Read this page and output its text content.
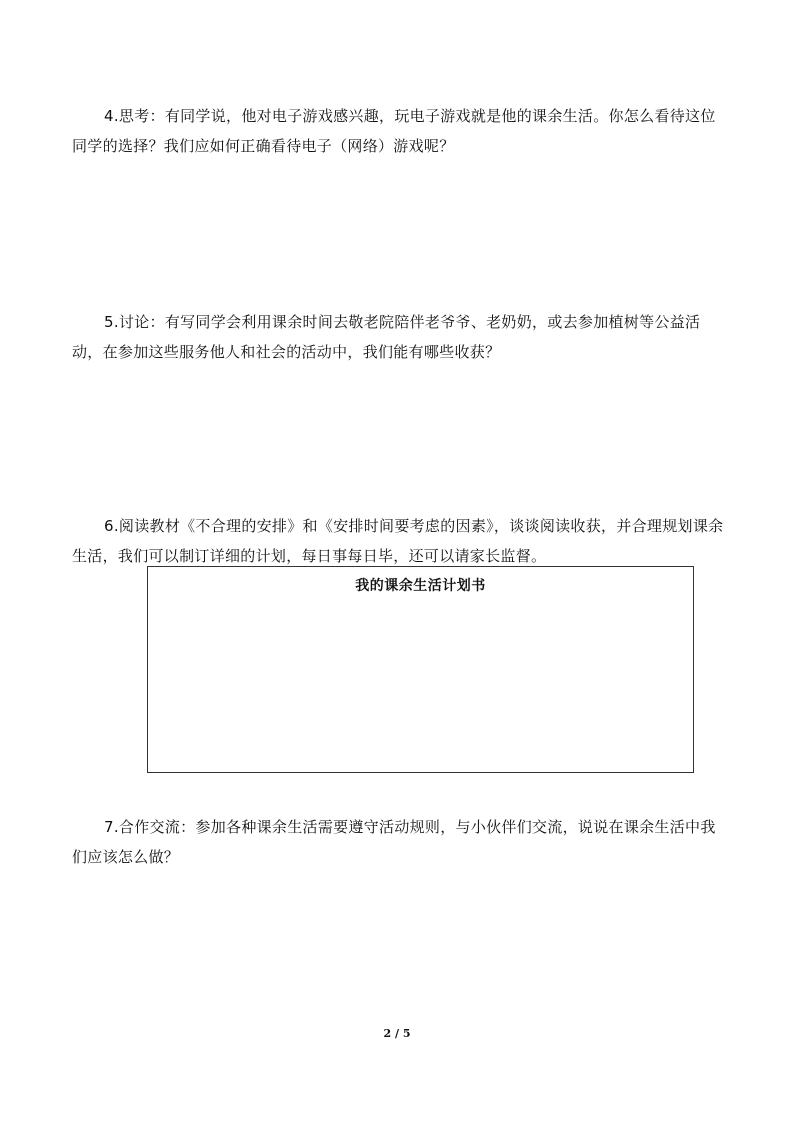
4.思考：有同学说，他对电子游戏感兴趣，玩电子游戏就是他的课余生活。你怎么看待这位同学的选择？我们应如何正确看待电子（网络）游戏呢？

5.讨论：有写同学会利用课余时间去敬老院陪伴老爷爷、老奶奶，或去参加植树等公益活动，在参加这些服务他人和社会的活动中，我们能有哪些收获？

6.阅读教材《不合理的安排》和《安排时间要考虑的因素》，谈谈阅读收获，并合理规划课余生活，我们可以制订详细的计划，每日事每日毕，还可以请家长监督。

我的课余生活计划书

7.合作交流：参加各种课余生活需要遵守活动规则，与小伙伴们交流，说说在课余生活中我们应该怎么做？

2 / 5
